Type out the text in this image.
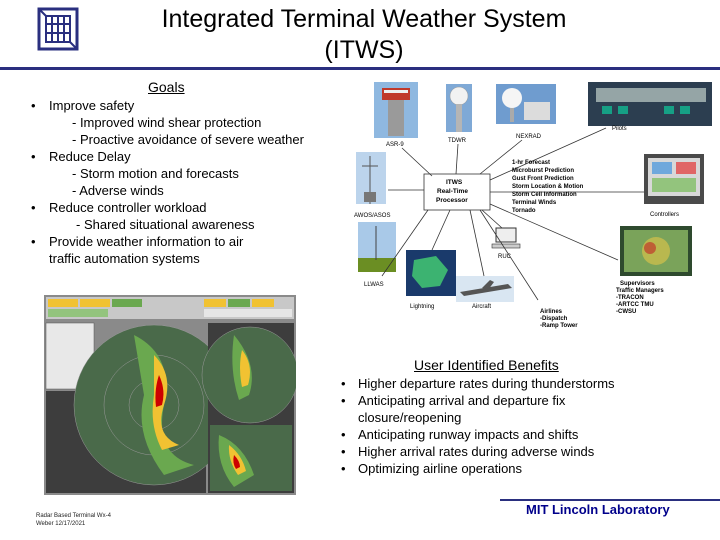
Integrated Terminal Weather System
(ITWS)
Goals
• Improve safety
- Improved wind shear protection
- Proactive avoidance of severe weather
• Reduce Delay
- Storm motion and forecasts
- Adverse winds
• Reduce controller workload
- Shared situational awareness
• Provide weather information to air
traffic automation systems
ASR-9
TDWR
NEXRAD
Pilots
AWOS/ASOS
LLWAS
Lightning	Aircraft
RUC
ITWS
Real-Time
Processor
1-hr Forecast
Microburst Prediction
Gust Front Prediction
Storm Location & Motion
Storm Cell Information
Terminal Winds
Tornado
Controllers
Supervisors
Traffic Managers
-TRACON
-ARTCC TMU
-CWSU
Airlines
-Dispatch
-Ramp Tower
User Identified Benefits
• Higher departure rates during thunderstorms
• Anticipating arrival and departure fix
closure/reopening
• Anticipating runway impacts and shifts
• Higher arrival rates during adverse winds
• Optimizing airline operations
Radar Based Terminal Wx-4
Weber 12/17/2021
MIT Lincoln Laboratory
